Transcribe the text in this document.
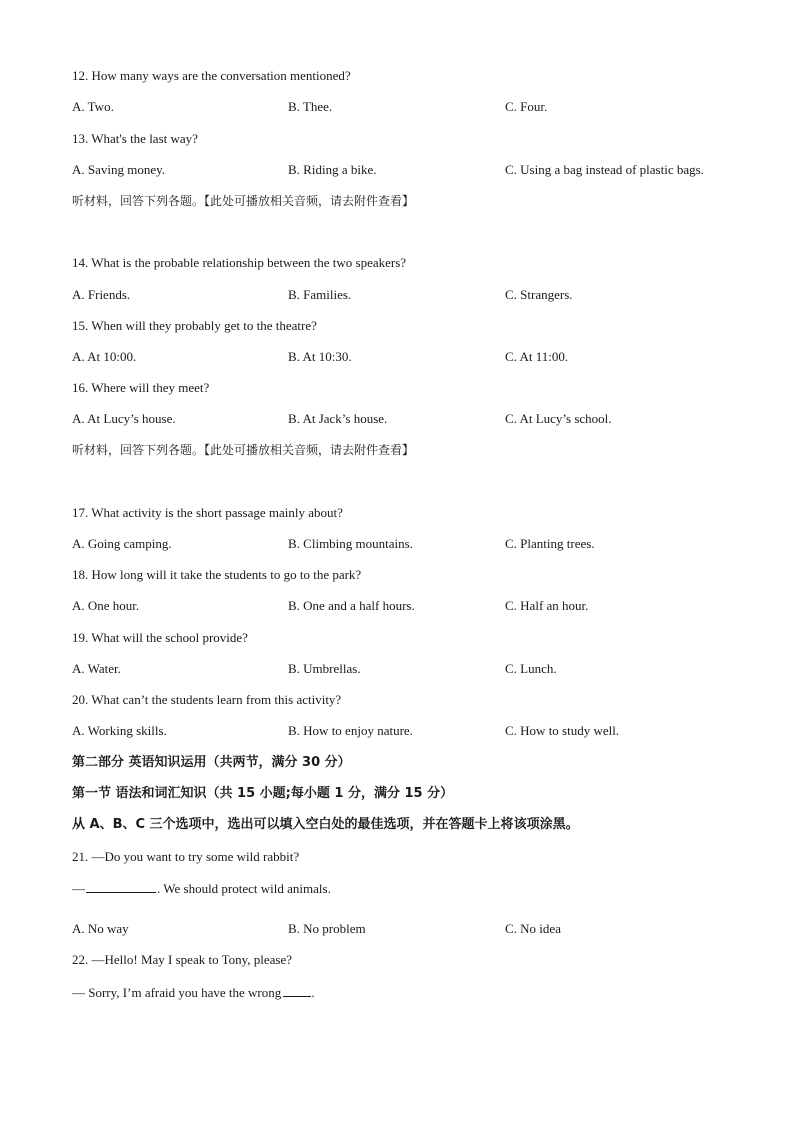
12. How many ways are the conversation mentioned?
A. Two.	B. Thee.	C. Four.
13. What's the last way?
A. Saving money.	B. Riding a bike.	C. Using a bag instead of plastic bags.
听材料，回答下列各题。【此处可播放相关音频，请去附件查看】
14. What is the probable relationship between the two speakers?
A. Friends.	B. Families.	C. Strangers.
15. When will they probably get to the theatre?
A. At 10:00.	B. At 10:30.	C. At 11:00.
16. Where will they meet?
A. At Lucy’s house.	B. At Jack’s house.	C. At Lucy’s school.
听材料，回答下列各题。【此处可播放相关音频，请去附件查看】
17. What activity is the short passage mainly about?
A. Going camping.	B. Climbing mountains.	C. Planting trees.
18. How long will it take the students to go to the park?
A. One hour.	B. One and a half hours.	C. Half an hour.
19. What will the school provide?
A. Water.	B. Umbrellas.	C. Lunch.
20. What can’t the students learn from this activity?
A. Working skills.	B. How to enjoy nature.	C. How to study well.
第二部分 英语知识运用（共两节，满分 30 分）
第一节 语法和词汇知识（共 15 小题;每小题 1 分，满分 15 分）
从 A、B、C 三个选项中，选出可以填入空白处的最佳选项，并在答题卡上将该项涂黑。
21. —Do you want to try some wild rabbit?
—	. We should protect wild animals.
A. No way	B. No problem	C. No idea
22. —Hello! May I speak to Tony, please?
— Sorry, I’m afraid you have the wrong .
